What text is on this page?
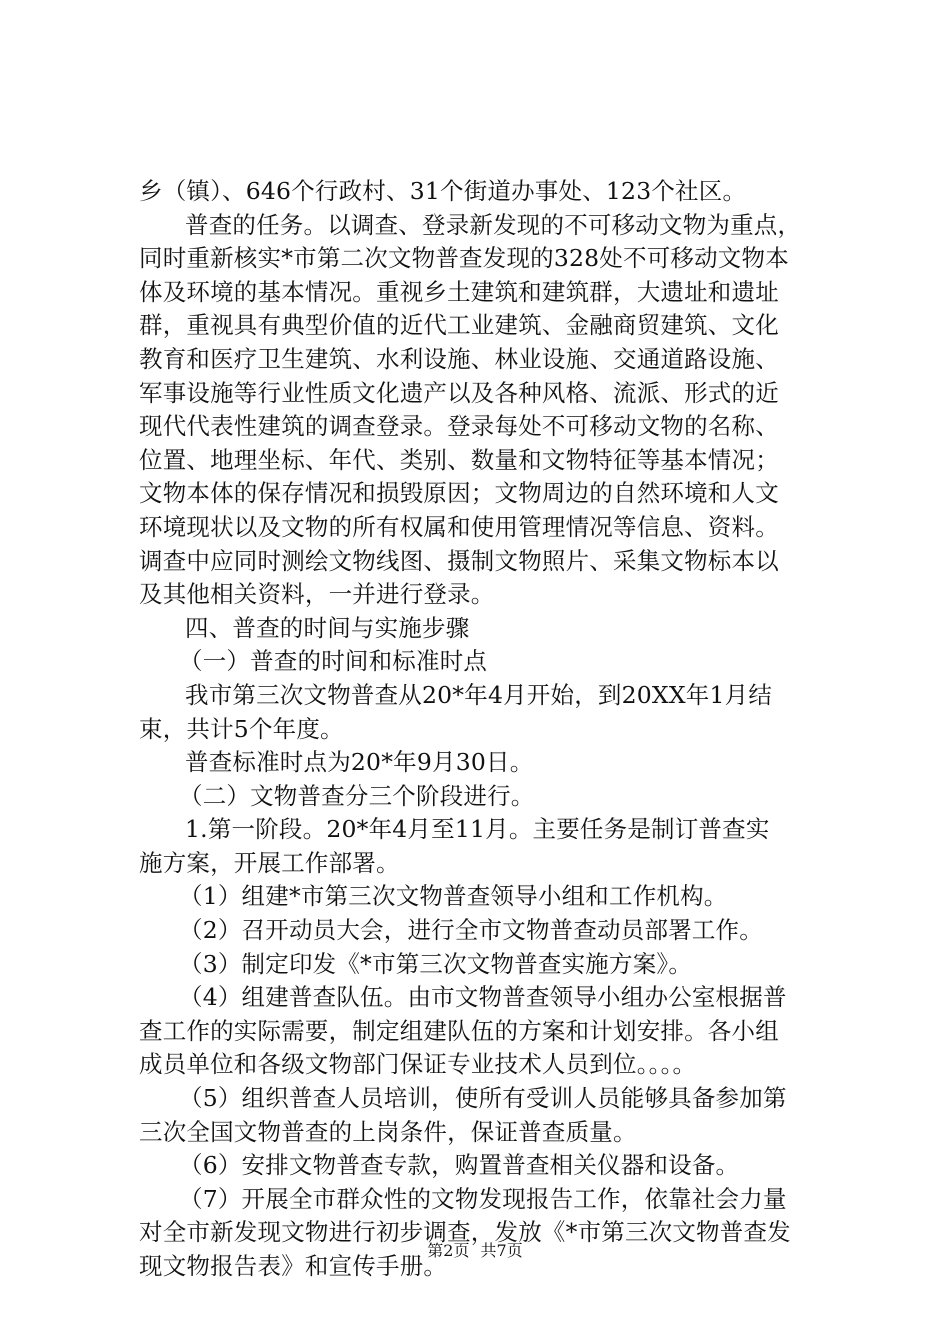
乡（镇）、646个行政村、31个街道办事处、123个社区。
普查的任务。以调查、登录新发现的不可移动文物为重点，
同时重新核实*市第二次文物普查发现的328处不可移动文物本
体及环境的基本情况。重视乡土建筑和建筑群，大遗址和遗址
群，重视具有典型价值的近代工业建筑、金融商贸建筑、文化
教育和医疗卫生建筑、水利设施、林业设施、交通道路设施、
军事设施等行业性质文化遗产以及各种风格、流派、形式的近
现代代表性建筑的调查登录。登录每处不可移动文物的名称、
位置、地理坐标、年代、类别、数量和文物特征等基本情况；
文物本体的保存情况和损毁原因；文物周边的自然环境和人文
环境现状以及文物的所有权属和使用管理情况等信息、资料。
调查中应同时测绘文物线图、摄制文物照片、采集文物标本以
及其他相关资料，一并进行登录。
四、普查的时间与实施步骤
（一）普查的时间和标准时点
我市第三次文物普查从20*年4月开始，到20XX年1月结
束，共计5个年度。
普查标准时点为20*年9月30日。
（二）文物普查分三个阶段进行。
1.第一阶段。20*年4月至11月。主要任务是制订普查实
施方案，开展工作部署。
（1）组建*市第三次文物普查领导小组和工作机构。
（2）召开动员大会，进行全市文物普查动员部署工作。
（3）制定印发《*市第三次文物普查实施方案》。
（4）组建普查队伍。由市文物普查领导小组办公室根据普
查工作的实际需要，制定组建队伍的方案和计划安排。各小组
成员单位和各级文物部门保证专业技术人员到位。。。。
（5）组织普查人员培训，使所有受训人员能够具备参加第
三次全国文物普查的上岗条件，保证普查质量。
（6）安排文物普查专款，购置普查相关仪器和设备。
（7）开展全市群众性的文物发现报告工作，依靠社会力量
对全市新发现文物进行初步调查，发放《*市第三次文物普查发
现文物报告表》和宣传手册。
第2页 共7页
